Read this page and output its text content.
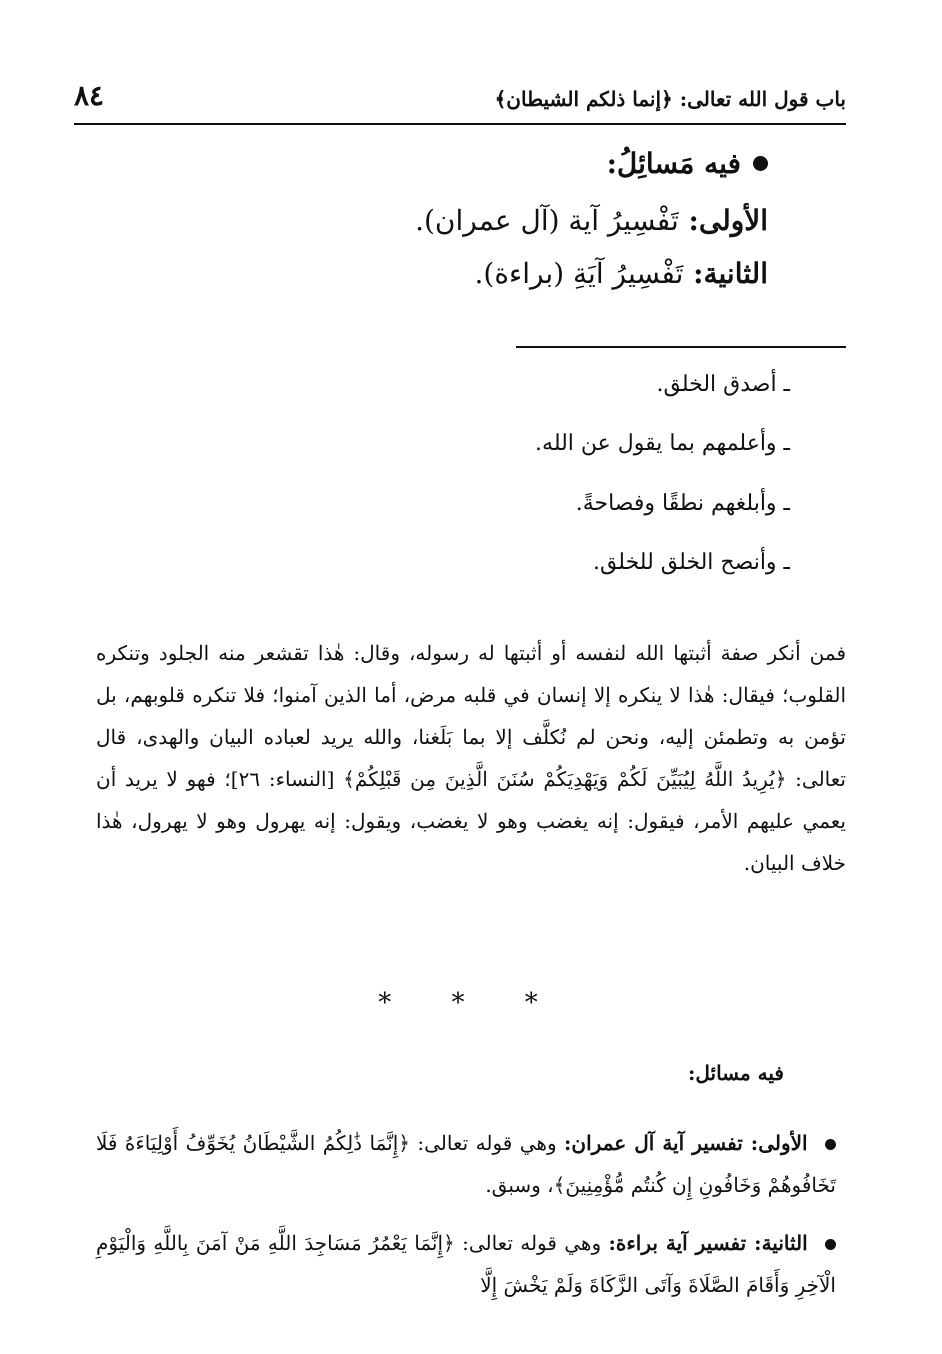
باب قول الله تعالى: ﴿إنما ذلكم الشيطان﴾
٨٤
فيه مَسائِلُ:
الأولى: تَفْسِيرُ آية (آل عمران).
الثانية: تَفْسِيرُ آيَةِ (براءة).
ـ أصدق الخلق.
ـ وأعلمهم بما يقول عن الله.
ـ وأبلغهم نطقًا وفصاحةً.
ـ وأنصح الخلق للخلق.
فمن أنكر صفة أثبتها الله لنفسه أو أثبتها له رسوله، وقال: هٰذا تقشعر منه الجلود وتنكره القلوب؛ فيقال: هٰذا لا ينكره إلا إنسان في قلبه مرض، أما الذين آمنوا؛ فلا تنكره قلوبهم، بل تؤمن به وتطمئن إليه، ونحن لم نُكلَّف إلا بما بَلَغنا، والله يريد لعباده البيان والهدى، قال تعالى: ﴿يُرِيدُ اللَّهُ لِيُبَيِّنَ لَكُمْ وَيَهْدِيَكُمْ سُنَنَ الَّذِينَ مِن قَبْلِكُمْ﴾ [النساء: ٢٦]؛ فهو لا يريد أن يعمي عليهم الأمر، فيقول: إنه يغضب وهو لا يغضب، ويقول: إنه يهرول وهو لا يهرول، هٰذا خلاف البيان.
* * *
فيه مسائل:
الأولى: تفسير آية آل عمران: وهي قوله تعالى: ﴿إِنَّمَا ذَٰلِكُمُ الشَّيْطَانُ يُخَوِّفُ أَوْلِيَاءَهُ فَلَا تَخَافُوهُمْ وَخَافُونِ إِن كُنتُم مُّؤْمِنِينَ﴾، وسبق.
الثانية: تفسير آية براءة: وهي قوله تعالى: ﴿إِنَّمَا يَعْمُرُ مَسَاجِدَ اللَّهِ مَنْ آمَنَ بِاللَّهِ وَالْيَوْمِ الْآخِرِ وَأَقَامَ الصَّلَاةَ وَآتَى الزَّكَاةَ وَلَمْ يَخْشَ إِلَّا
